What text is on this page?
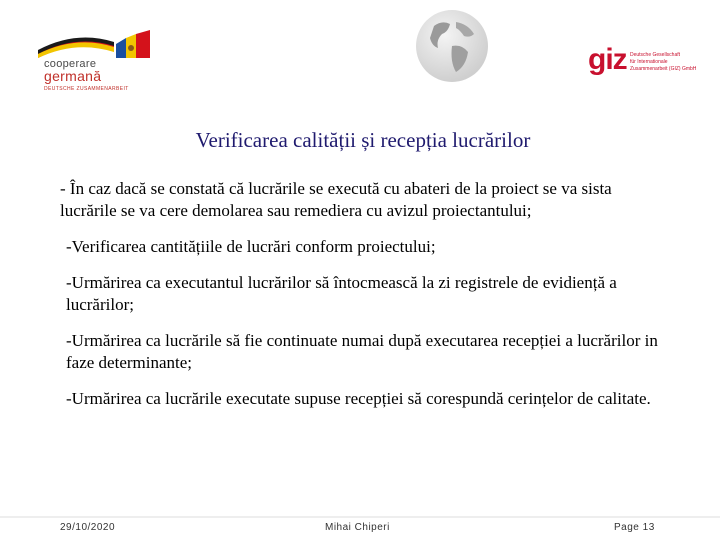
cooperare
germană
DEUTSCHE ZUSAMMENARBEIT
giz Deutsche Gesellschaft
für Internationale
Zusammenarbeit (GIZ) GmbH
Verificarea calității și recepția lucrărilor

- În caz dacă se constată că lucrările se execută cu abateri de la proiect se va sista lucrările se va cere demolarea sau remediera cu avizul proiectantului;

-Verificarea cantitățiile de lucrări conform proiectului;

-Urmărirea ca executantul lucrărilor să întocmească la zi registrele de evidiență a lucrărilor;

-Urmărirea ca lucrările să fie continuate numai după executarea recepției a lucrărilor in faze determinante;

-Urmărirea ca lucrările executate supuse recepției să corespundă cerințelor de calitate.

29/10/2020	Mihai Chiperi	Page 13
